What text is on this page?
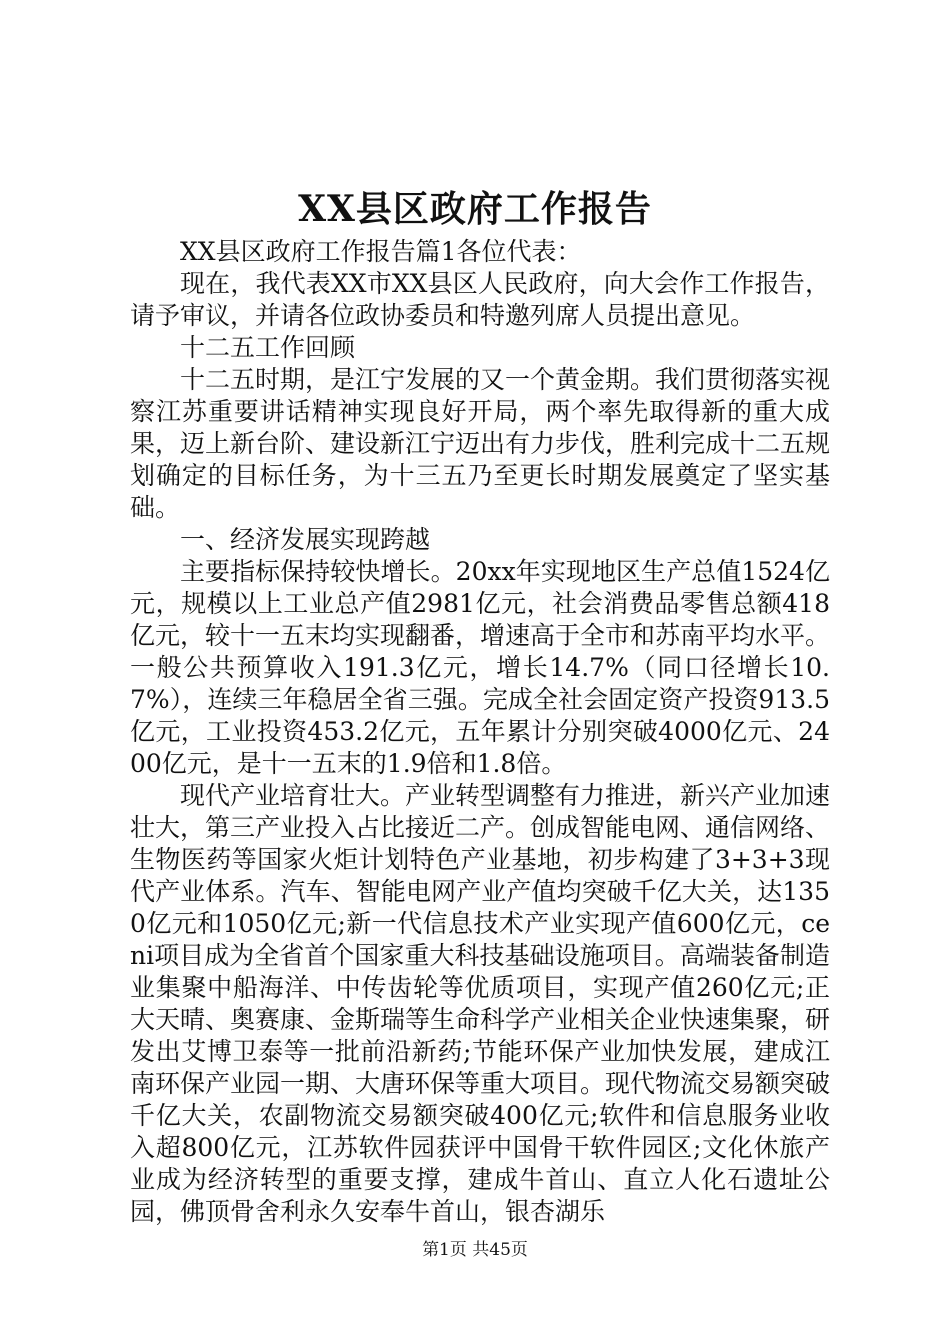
XX县区政府工作报告

XX县区政府工作报告篇1各位代表：

现在，我代表XX市XX县区人民政府，向大会作工作报告，请予审议，并请各位政协委员和特邀列席人员提出意见。

十二五工作回顾

十二五时期，是江宁发展的又一个黄金期。我们贯彻落实视察江苏重要讲话精神实现良好开局，两个率先取得新的重大成果，迈上新台阶、建设新江宁迈出有力步伐，胜利完成十二五规划确定的目标任务，为十三五乃至更长时期发展奠定了坚实基础。

一、经济发展实现跨越

主要指标保持较快增长。20xx年实现地区生产总值1524亿元，规模以上工业总产值2981亿元，社会消费品零售总额418亿元，较十一五末均实现翻番，增速高于全市和苏南平均水平。一般公共预算收入191.3亿元，增长14.7%（同口径增长10.7%），连续三年稳居全省三强。完成全社会固定资产投资913.5亿元，工业投资453.2亿元，五年累计分别突破4000亿元、2400亿元，是十一五末的1.9倍和1.8倍。

现代产业培育壮大。产业转型调整有力推进，新兴产业加速壮大，第三产业投入占比接近二产。创成智能电网、通信网络、生物医药等国家火炬计划特色产业基地，初步构建了3+3+3现代产业体系。汽车、智能电网产业产值均突破千亿大关，达1350亿元和1050亿元;新一代信息技术产业实现产值600亿元，ceni项目成为全省首个国家重大科技基础设施项目。高端装备制造业集聚中船海洋、中传齿轮等优质项目，实现产值260亿元;正大天晴、奥赛康、金斯瑞等生命科学产业相关企业快速集聚，研发出艾博卫泰等一批前沿新药;节能环保产业加快发展，建成江南环保产业园一期、大唐环保等重大项目。现代物流交易额突破千亿大关，农副物流交易额突破400亿元;软件和信息服务业收入超800亿元，江苏软件园获评中国骨干软件园区;文化休旅产业成为经济转型的重要支撑，建成牛首山、直立人化石遗址公园，佛顶骨舍利永久安奉牛首山，银杏湖乐

第1页 共45页
